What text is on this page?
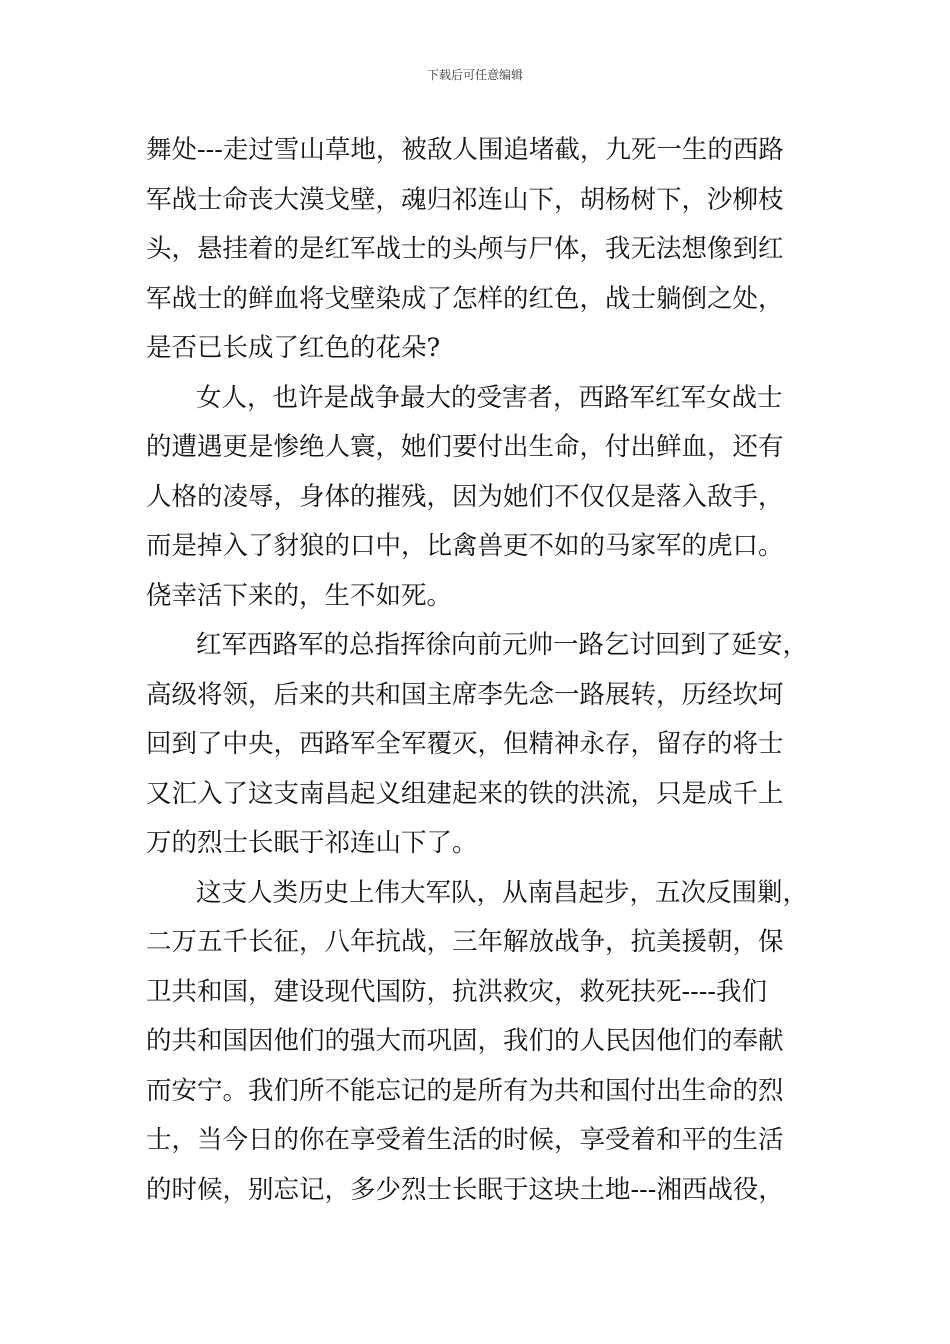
下载后可任意编辑
舞处---走过雪山草地，被敌人围追堵截，九死一生的西路
军战士命丧大漠戈壁，魂归祁连山下，胡杨树下，沙柳枝
头，悬挂着的是红军战士的头颅与尸体，我无法想像到红
军战士的鲜血将戈壁染成了怎样的红色，战士躺倒之处，
是否已长成了红色的花朵?
女人，也许是战争最大的受害者，西路军红军女战士
的遭遇更是惨绝人寰，她们要付出生命，付出鲜血，还有
人格的凌辱，身体的摧残，因为她们不仅仅是落入敌手，
而是掉入了豺狼的口中，比禽兽更不如的马家军的虎口。
侥幸活下来的，生不如死。
红军西路军的总指挥徐向前元帅一路乞讨回到了延安，
高级将领，后来的共和国主席李先念一路展转，历经坎坷
回到了中央，西路军全军覆灭，但精神永存，留存的将士
又汇入了这支南昌起义组建起来的铁的洪流，只是成千上
万的烈士长眠于祁连山下了。
这支人类历史上伟大军队，从南昌起步，五次反围剿，
二万五千长征，八年抗战，三年解放战争，抗美援朝，保
卫共和国，建设现代国防，抗洪救灾，救死扶死----我们
的共和国因他们的强大而巩固，我们的人民因他们的奉献
而安宁。我们所不能忘记的是所有为共和国付出生命的烈
士，当今日的你在享受着生活的时候，享受着和平的生活
的时候，别忘记，多少烈士长眠于这块土地---湘西战役，
